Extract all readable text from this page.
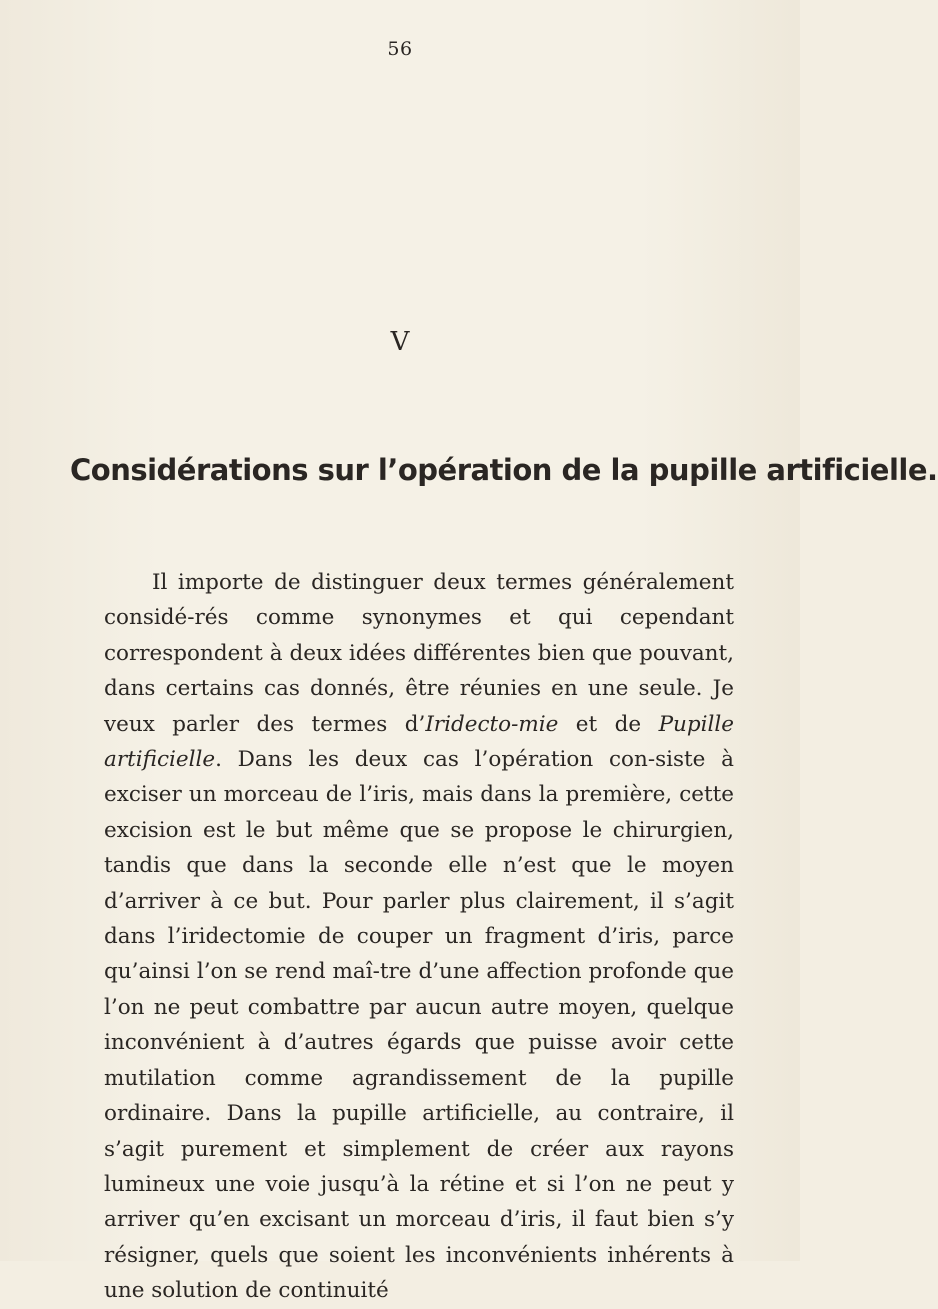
56
V
Considérations sur l’opération de la pupille artificielle.

Il importe de distinguer deux termes généralement considé-rés comme synonymes et qui cependant correspondent à deux idées différentes bien que pouvant, dans certains cas donnés, être réunies en une seule. Je veux parler des termes d’Iridecto-mie et de Pupille artificielle. Dans les deux cas l’opération con-siste à exciser un morceau de l’iris, mais dans la première, cette excision est le but même que se propose le chirurgien, tandis que dans la seconde elle n’est que le moyen d’arriver à ce but. Pour parler plus clairement, il s’agit dans l’iridectomie de couper un fragment d’iris, parce qu’ainsi l’on se rend maî-tre d’une affection profonde que l’on ne peut combattre par aucun autre moyen, quelque inconvénient à d’autres égards que puisse avoir cette mutilation comme agrandissement de la pupille ordinaire. Dans la pupille artificielle, au contraire, il s’agit purement et simplement de créer aux rayons lumineux une voie jusqu’à la rétine et si l’on ne peut y arriver qu’en excisant un morceau d’iris, il faut bien s’y résigner, quels que soient les inconvénients inhérents à une solution de continuité
